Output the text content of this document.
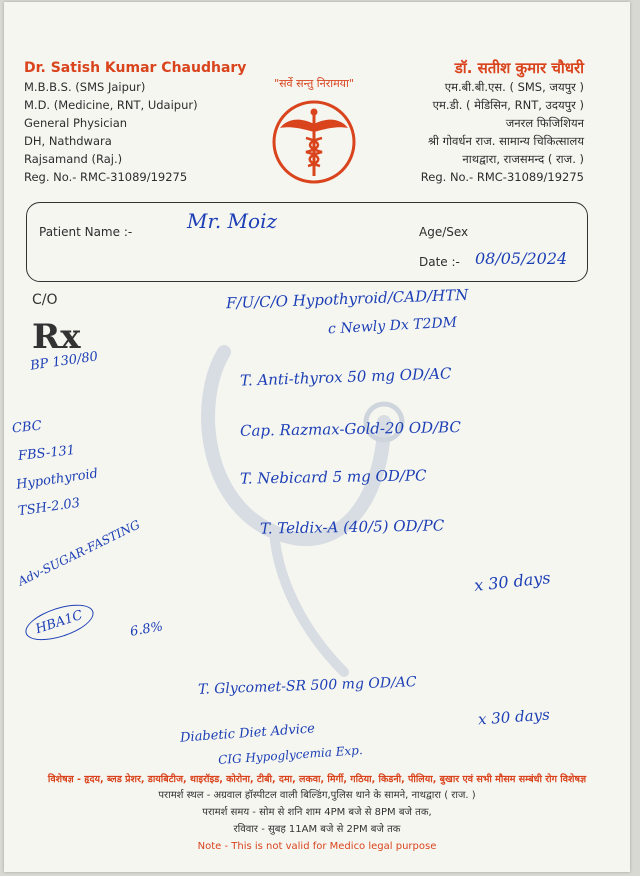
Dr. Satish Kumar Chaudhary
M.B.B.S. (SMS Jaipur)
M.D. (Medicine, RNT, Udaipur)
General Physician
DH, Nathdwara
Rajsamand (Raj.)
Reg. No.- RMC-31089/19275
"सर्वे सन्तु निरामया"
डॉ. सतीश कुमार चौधरी
एम.बी.बी.एस. ( SMS, जयपुर )
एम.डी. ( मेडिसिन, RNT, उदयपुर )
जनरल फिजिशियन
श्री गोवर्धन राज. सामान्य चिकित्सालय
नाथद्वारा, राजसमन्द ( राज. )
Reg. No.- RMC-31089/19275
Patient Name :-	Mr. Moiz	Age/Sex
Date :- 08/05/2024
C/O
Rx
BP 130/80
CBC
FBS-131
Hypothyroid
TSH-2.03
Adv-SUGAR-FASTING
HBA1C	6.8%
F/U/C/O Hypothyroid/CAD/HTN
c Newly Dx T2DM
T. Anti-thyrox 50 mg OD/AC
Cap. Razmax-Gold-20 OD/BC
T. Nebicard 5 mg OD/PC
T. Teldix-A (40/5) OD/PC
x 30 days
T. Glycomet-SR 500 mg OD/AC
x 30 days
Diabetic Diet Advice
CIG Hypoglycemia Exp.
विशेषज्ञ - हृदय, ब्लड प्रेशर, डायबिटीज, थाइरॉइड, कोरोना, टीबी, दमा, लकवा, मिर्गी, गठिया, किडनी, पीलिया, बुखार एवं सभी मौसम सम्बंधी रोग विशेषज्ञ
परामर्श स्थल - अग्रवाल हॉस्पीटल वाली बिल्डिंग,पुलिस थाने के सामने, नाथद्वारा ( राज. )
परामर्श समय - सोम से शनि शाम 4PM बजे से 8PM बजे तक,
रविवार - सुबह 11AM बजे से 2PM बजे तक
Note - This is not valid for Medico legal purpose
